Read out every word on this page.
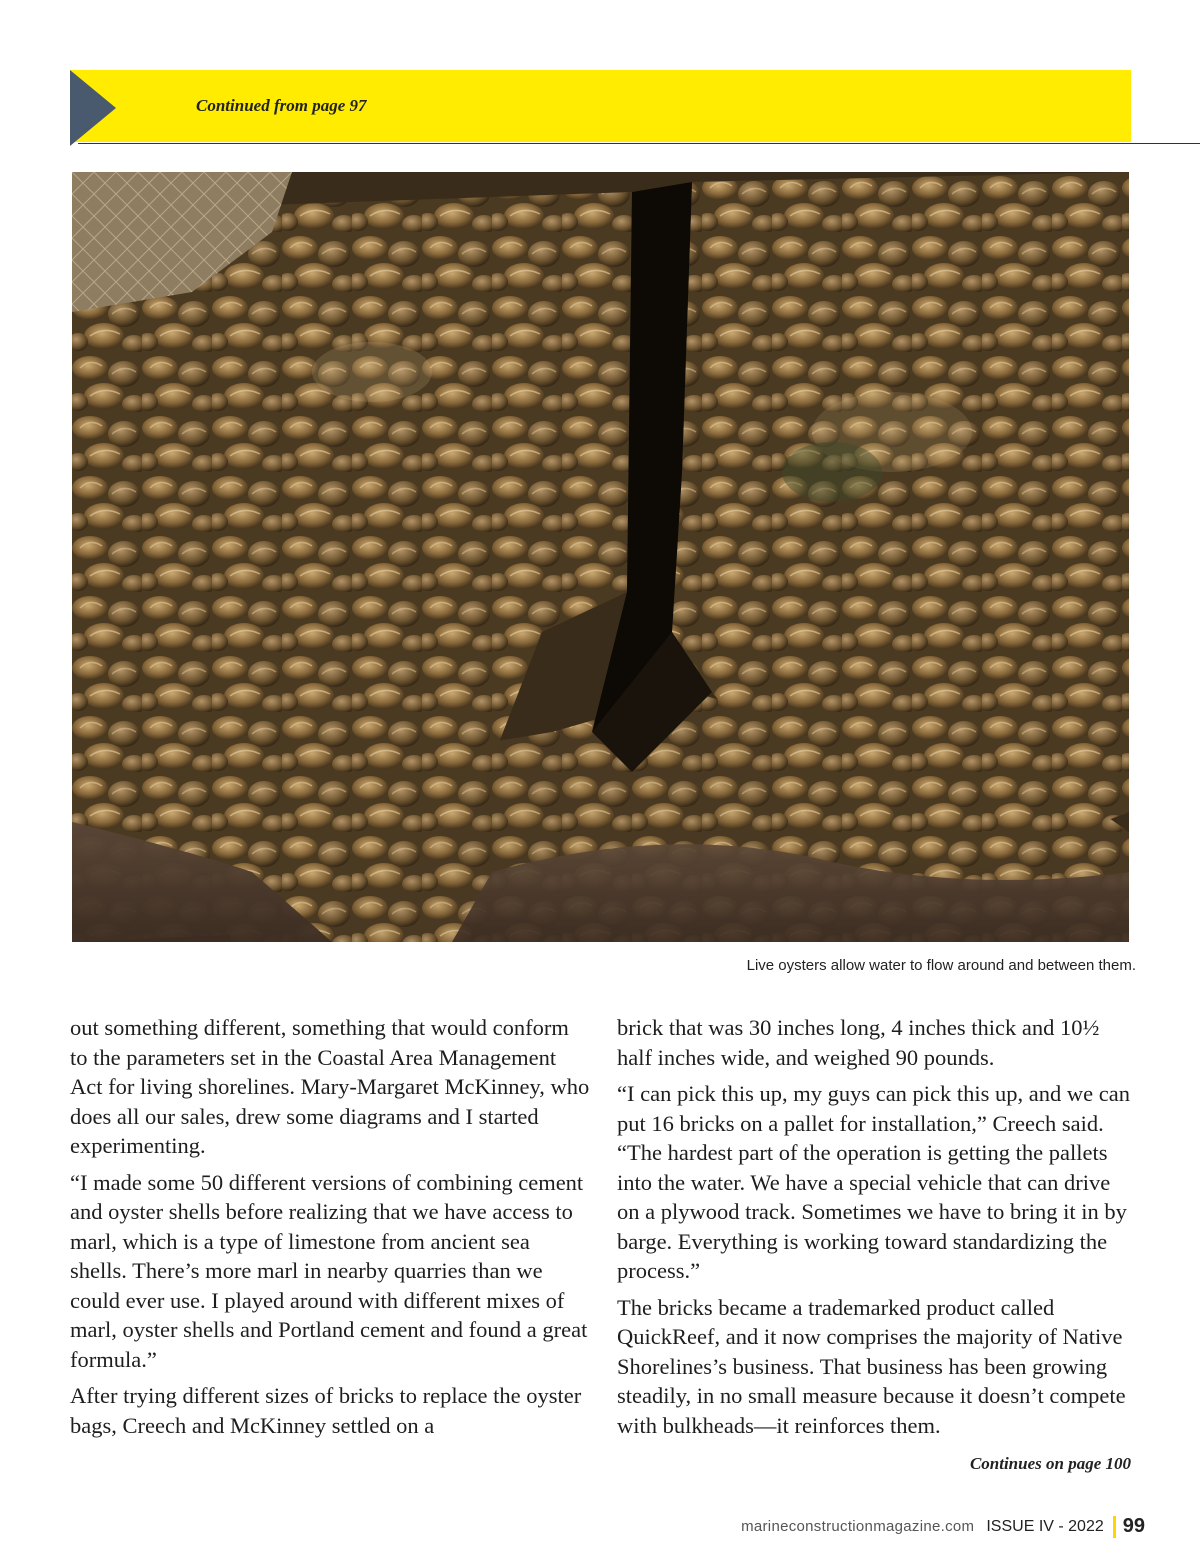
Continued from page 97
Live oysters allow water to flow around and between them.

out something different, something that would conform to the parameters set in the Coastal Area Management Act for living shorelines. Mary-Margaret McKinney, who does all our sales, drew some diagrams and I started experimenting.

“I made some 50 different versions of combining cement and oyster shells before realizing that we have access to marl, which is a type of limestone from ancient sea shells. There’s more marl in nearby quarries than we could ever use. I played around with different mixes of marl, oyster shells and Portland cement and found a great formula.”

After trying different sizes of bricks to replace the oyster bags, Creech and McKinney settled on a

brick that was 30 inches long, 4 inches thick and 10½ half inches wide, and weighed 90 pounds.

“I can pick this up, my guys can pick this up, and we can put 16 bricks on a pallet for installation,” Creech said. “The hardest part of the operation is getting the pallets into the water. We have a special vehicle that can drive on a plywood track. Sometimes we have to bring it in by barge. Everything is working toward standardizing the process.”

The bricks became a trademarked product called QuickReef, and it now comprises the majority of Native Shorelines’s business. That business has been growing steadily, in no small measure because it doesn’t compete with bulkheads—it reinforces them.

Continues on page 100
marineconstructionmagazine.com ISSUE IV - 2022 99
